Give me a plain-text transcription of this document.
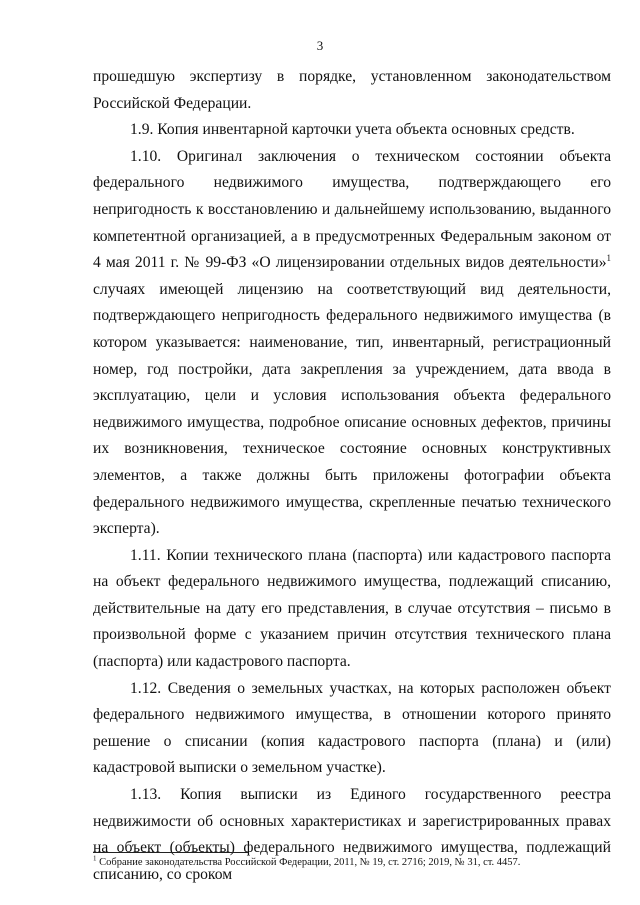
3

прошедшую экспертизу в порядке, установленном законодательством Российской Федерации.

1.9. Копия инвентарной карточки учета объекта основных средств.

1.10. Оригинал заключения о техническом состоянии объекта федерального недвижимого имущества, подтверждающего его непригодность к восстановлению и дальнейшему использованию, выданного компетентной организацией, а в предусмотренных Федеральным законом от 4 мая 2011 г. № 99-ФЗ «О лицензировании отдельных видов деятельности»$^1$ случаях имеющей лицензию на соответствующий вид деятельности, подтверждающего непригодность федерального недвижимого имущества (в котором указывается: наименование, тип, инвентарный, регистрационный номер, год постройки, дата закрепления за учреждением, дата ввода в эксплуатацию, цели и условия использования объекта федерального недвижимого имущества, подробное описание основных дефектов, причины их возникновения, техническое состояние основных конструктивных элементов, а также должны быть приложены фотографии объекта федерального недвижимого имущества, скрепленные печатью технического эксперта).

1.11. Копии технического плана (паспорта) или кадастрового паспорта на объект федерального недвижимого имущества, подлежащий списанию, действительные на дату его представления, в случае отсутствия – письмо в произвольной форме с указанием причин отсутствия технического плана (паспорта) или кадастрового паспорта.

1.12. Сведения о земельных участках, на которых расположен объект федерального недвижимого имущества, в отношении которого принято решение о списании (копия кадастрового паспорта (плана) и (или) кадастровой выписки о земельном участке).

1.13. Копия выписки из Единого государственного реестра недвижимости об основных характеристиках и зарегистрированных правах на объект (объекты) федерального недвижимого имущества, подлежащий списанию, со сроком

$^1$ Собрание законодательства Российской Федерации, 2011, № 19, ст. 2716; 2019, № 31, ст. 4457.
